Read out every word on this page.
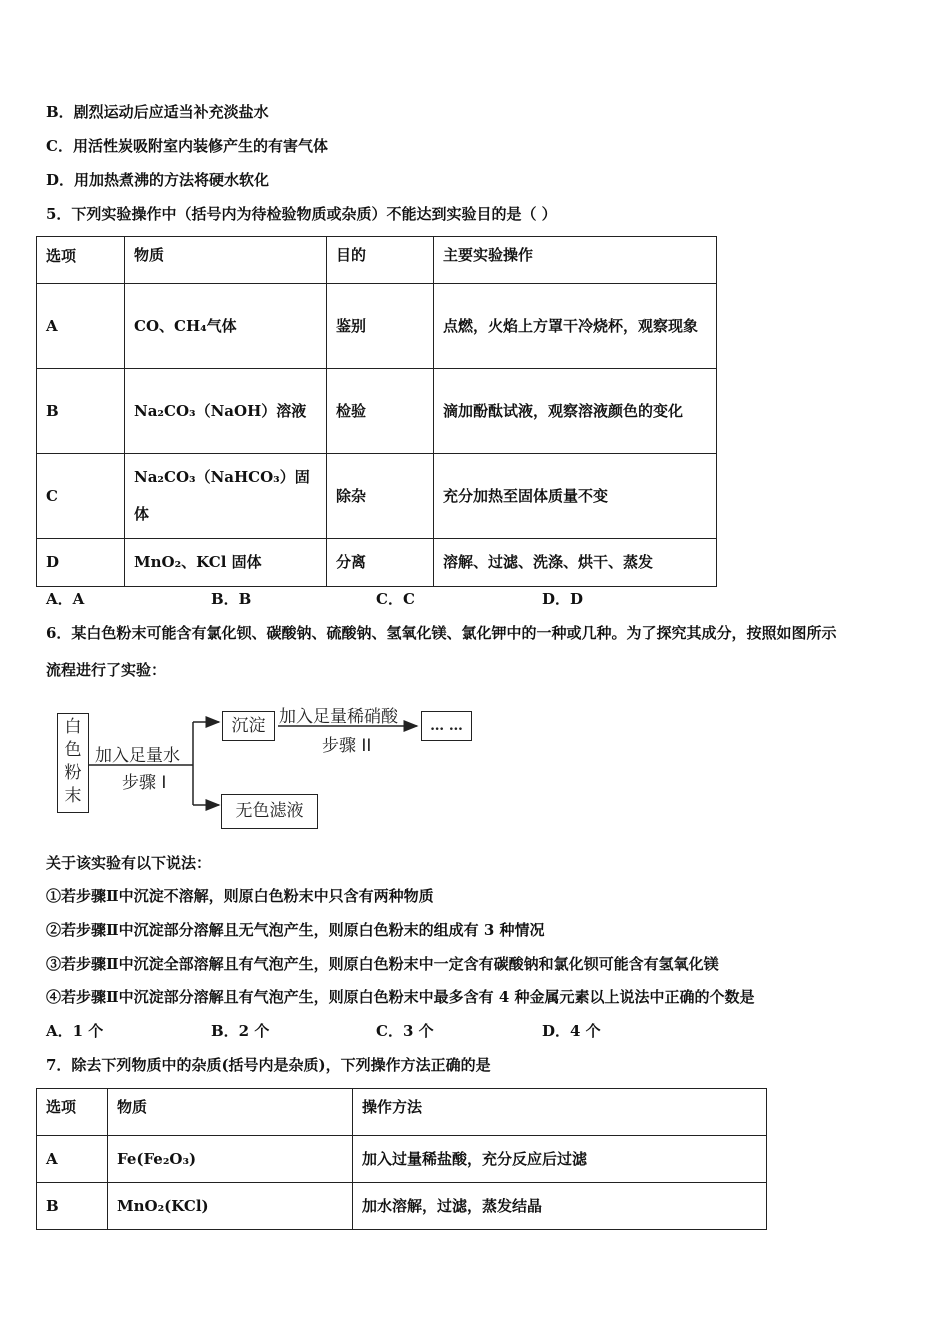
B．剧烈运动后应适当补充淡盐水
C．用活性炭吸附室内装修产生的有害气体
D．用加热煮沸的方法将硬水软化
5．下列实验操作中（括号内为待检验物质或杂质）不能达到实验目的是（ ）
选项	物质	目的	主要实验操作
A	CO、CH₄气体	鉴别	点燃，火焰上方罩干冷烧杯，观察现象
B	Na₂CO₃（NaOH）溶液	检验	滴加酚酞试液，观察溶液颜色的变化
C	Na₂CO₃（NaHCO₃）固体	除杂	充分加热至固体质量不变
D	MnO₂、KCl 固体	分离	溶解、过滤、洗涤、烘干、蒸发
A．A	B．B	C．C	D．D
6．某白色粉末可能含有氯化钡、碳酸钠、硫酸钠、氢氧化镁、氯化钾中的一种或几种。为了探究其成分，按照如图所示
流程进行了实验：
白
色
粉
末
加入足量水
步骤 I
沉淀 加入足量稀硝酸
步骤 II
… …
无色滤液
关于该实验有以下说法：
①若步骤Ⅱ中沉淀不溶解，则原白色粉末中只含有两种物质
②若步骤Ⅱ中沉淀部分溶解且无气泡产生，则原白色粉末的组成有 3 种情况
③若步骤Ⅱ中沉淀全部溶解且有气泡产生，则原白色粉末中一定含有碳酸钠和氯化钡可能含有氢氧化镁
④若步骤Ⅱ中沉淀部分溶解且有气泡产生，则原白色粉末中最多含有 4 种金属元素以上说法中正确的个数是
A．1 个	B．2 个	C．3 个	D．4 个
7．除去下列物质中的杂质(括号内是杂质)，下列操作方法正确的是
选项	物质	操作方法
A	Fe(Fe₂O₃)	加入过量稀盐酸，充分反应后过滤
B	MnO₂(KCl)	加水溶解，过滤，蒸发结晶
